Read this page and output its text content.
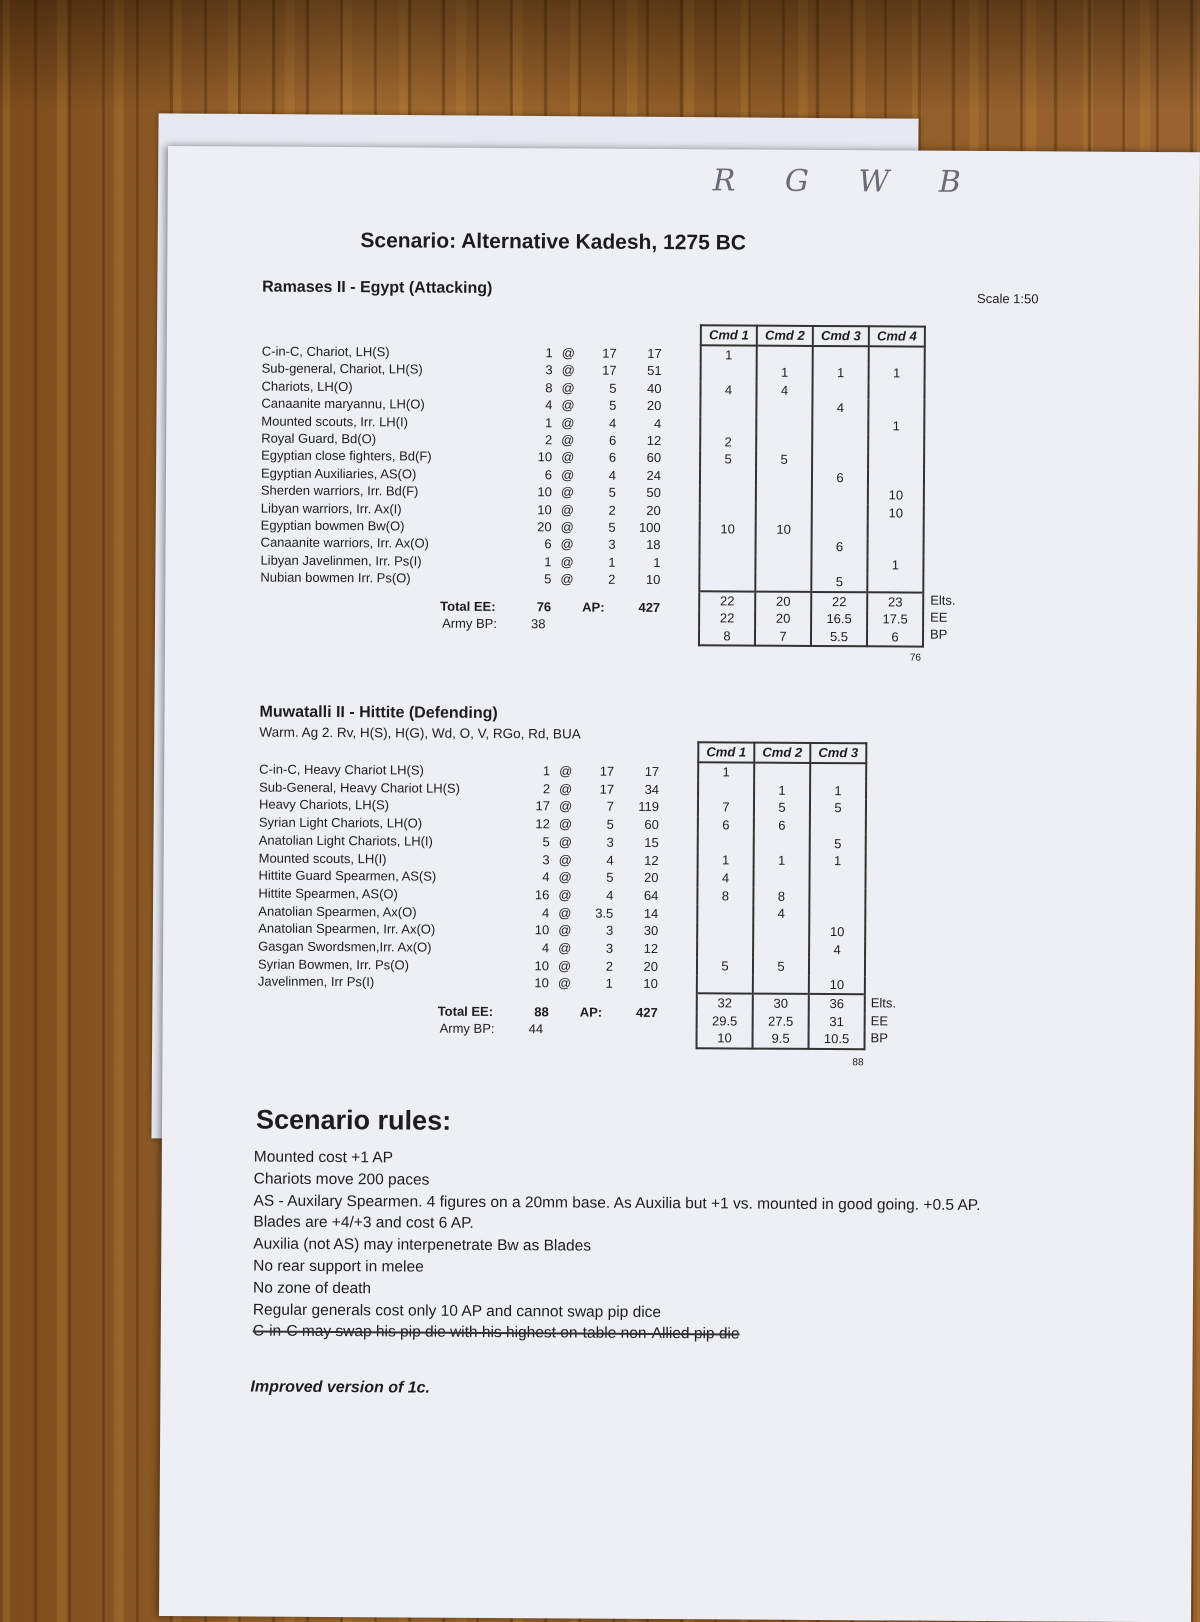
R G W B
Scenario: Alternative Kadesh, 1275 BC
Ramases II - Egypt (Attacking)
Scale 1:50
C-in-C, Chariot, LH(S)	1 @	17	17
Sub-general, Chariot, LH(S)	3 @	17	51
Chariots, LH(O)	8 @	5	40
Canaanite maryannu, LH(O)	4 @	5	20
Mounted scouts, Irr. LH(I)	1 @	4	4
Royal Guard, Bd(O)	2 @	6	12
Egyptian close fighters, Bd(F)	10 @	6	60
Egyptian Auxiliaries, AS(O)	6 @	4	24
Sherden warriors, Irr. Bd(F)	10 @	5	50
Libyan warriors, Irr. Ax(I)	10 @	2	20
Egyptian bowmen Bw(O)	20 @	5	100
Canaanite warriors, Irr. Ax(O)	6 @	3	18
Libyan Javelinmen, Irr. Ps(I)	1 @	1	1
Nubian bowmen Irr. Ps(O)	5 @	2	10
Total EE:	76 AP:	427
Army BP:	38
Cmd 1	Cmd 2	Cmd 3	Cmd 4
1			
	1	1	1
4	4		
		4	
			1
2			
5	5		
		6	
			10
			10
10	10		
		6	
			1
		5	
22	20	22	23
22	20	16.5	17.5
8	7	5.5	6
Elts.
EE
BP
76
Muwatalli II - Hittite (Defending)
Warm. Ag 2. Rv, H(S), H(G), Wd, O, V, RGo, Rd, BUA
C-in-C, Heavy Chariot LH(S)	1 @	17	17
Sub-General, Heavy Chariot LH(S)	2 @	17	34
Heavy Chariots, LH(S)	17 @	7	119
Syrian Light Chariots, LH(O)	12 @	5	60
Anatolian Light Chariots, LH(I)	5 @	3	15
Mounted scouts, LH(I)	3 @	4	12
Hittite Guard Spearmen, AS(S)	4 @	5	20
Hittite Spearmen, AS(O)	16 @	4	64
Anatolian Spearmen, Ax(O)	4 @	3.5	14
Anatolian Spearmen, Irr. Ax(O)	10 @	3	30
Gasgan Swordsmen,Irr. Ax(O)	4 @	3	12
Syrian Bowmen, Irr. Ps(O)	10 @	2	20
Javelinmen, Irr Ps(I)	10 @	1	10
Total EE:	88 AP:	427
Army BP:	44
Cmd 1	Cmd 2	Cmd 3
1		
	1	1
7	5	5
6	6	
		5
1	1	1
4		
8	8	
	4	
		10
		4
5	5	
		10
32	30	36
29.5	27.5	31
10	9.5	10.5
Elts.
EE
BP
88
Scenario rules:
Mounted cost +1 AP
Chariots move 200 paces
AS - Auxilary Spearmen. 4 figures on a 20mm base. As Auxilia but +1 vs. mounted in good going. +0.5 AP.
Blades are +4/+3 and cost 6 AP.
Auxilia (not AS) may interpenetrate Bw as Blades
No rear support in melee
No zone of death
Regular generals cost only 10 AP and cannot swap pip dice
C-in-C may swap his pip die with his highest on-table non-Allied pip die
Improved version of 1c.
